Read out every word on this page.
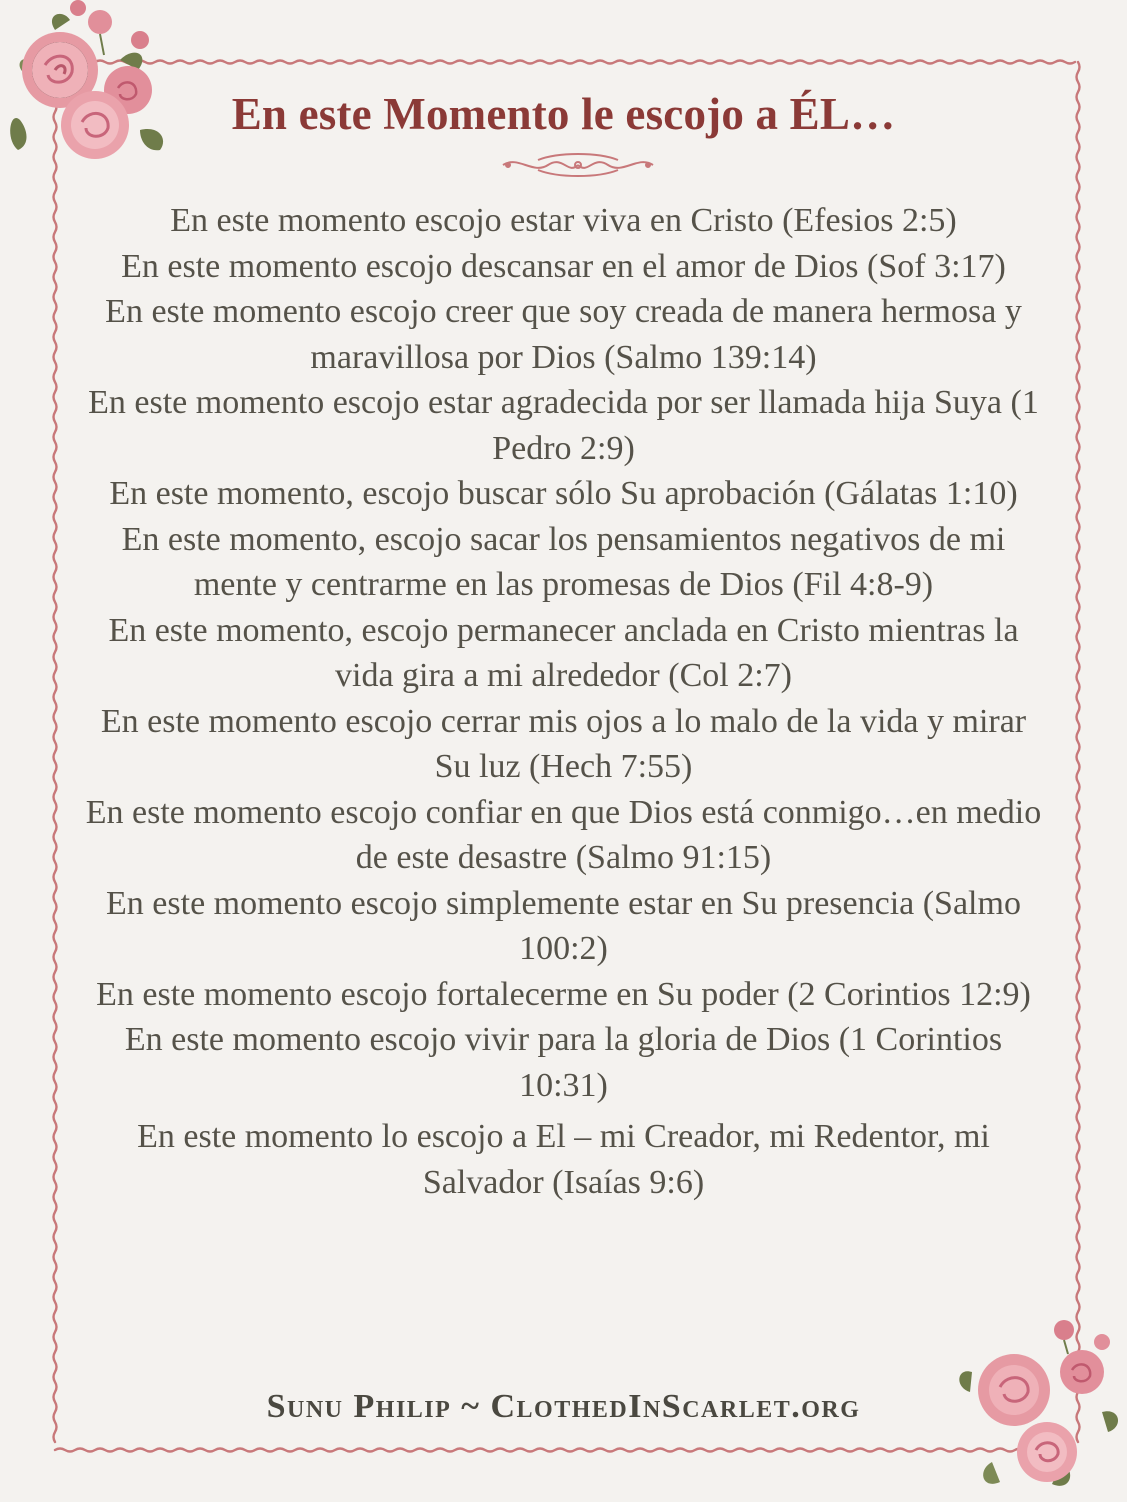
En este Momento le escojo a ÉL…

En este momento escojo estar viva en Cristo (Efesios 2:5)

En este momento escojo descansar en el amor de Dios (Sof 3:17)

En este momento escojo creer que soy creada de manera hermosa y maravillosa por Dios (Salmo 139:14)

En este momento escojo estar agradecida por ser llamada hija Suya (1 Pedro 2:9)

En este momento, escojo buscar sólo Su aprobación (Gálatas 1:10)

En este momento, escojo sacar los pensamientos negativos de mi mente y centrarme en las promesas de Dios (Fil 4:8-9)

En este momento, escojo permanecer anclada en Cristo mientras la vida gira a mi alrededor (Col 2:7)

En este momento escojo cerrar mis ojos a lo malo de la vida y mirar Su luz (Hech 7:55)

En este momento escojo confiar en que Dios está conmigo…en medio de este desastre (Salmo 91:15)

En este momento escojo simplemente estar en Su presencia (Salmo 100:2)

En este momento escojo fortalecerme en Su poder (2 Corintios 12:9)

En este momento escojo vivir para la gloria de Dios (1 Corintios 10:31)

En este momento lo escojo a El – mi Creador, mi Redentor, mi Salvador (Isaías 9:6)

Sunu Philip ~ ClothedInScarlet.org
